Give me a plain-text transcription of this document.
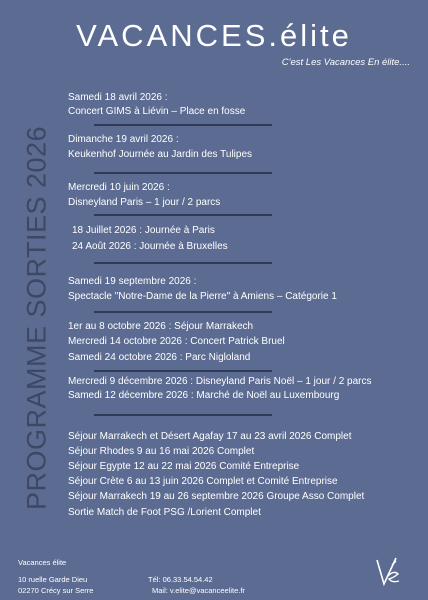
VACANCES.élite
C'est Les Vacances En élite....
PROGRAMME SORTIES 2026
Samedi 18 avril 2026 :
Concert GIMS à Liévin – Place en fosse
Dimanche 19 avril 2026 :
Keukenhof Journée au Jardin des Tulipes
Mercredi 10 juin 2026 :
Disneyland Paris – 1 jour / 2 parcs
18 Juillet 2026 : Journée à Paris
24 Août 2026 : Journée à Bruxelles
Samedi 19 septembre 2026 :
Spectacle "Notre-Dame de la Pierre" à Amiens – Catégorie 1
1er au 8 octobre 2026 : Séjour Marrakech
Mercredi 14 octobre 2026 : Concert Patrick Bruel
Samedi 24 octobre 2026 : Parc Nigloland
Mercredi 9 décembre 2026 : Disneyland Paris Noël – 1 jour / 2 parcs
Samedi 12 décembre 2026 : Marché de Noël au Luxembourg
Séjour Marrakech et Désert Agafay 17 au 23 avril 2026 Complet
Séjour Rhodes 9 au 16 mai 2026 Complet
Séjour Egypte 12 au 22 mai 2026 Comité Entreprise
Séjour Crète 6 au 13 juin 2026 Complet et Comité Entreprise
Séjour Marrakech 19 au 26 septembre 2026 Groupe Asso Complet
Sortie Match de Foot PSG /Lorient Complet
Vacances élite
10 ruelle Garde Dieu
02270 Crécy sur Serre
Tél: 06.33.54.54.42
Mail: v.elite@vacanceelite.fr
